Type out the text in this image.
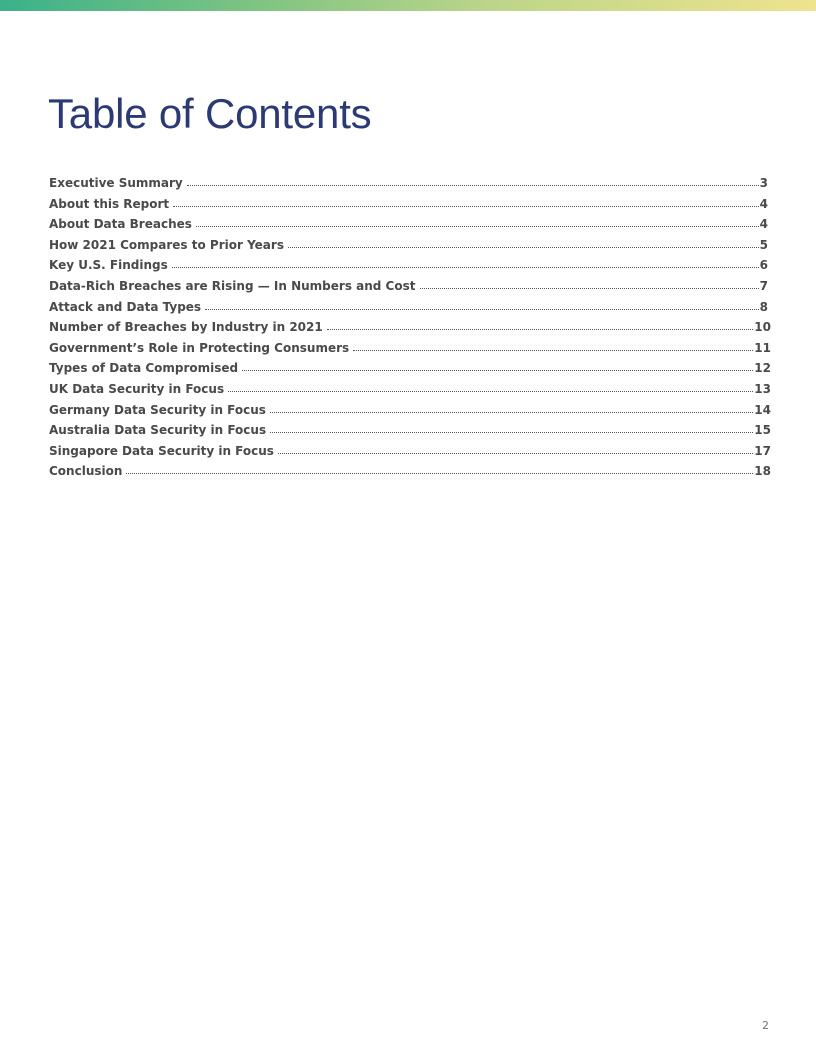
Table of Contents
Executive Summary	3
About this Report	4
About Data Breaches	4
How 2021 Compares to Prior Years	5
Key U.S. Findings	6
Data-Rich Breaches are Rising — In Numbers and Cost	7
Attack and Data Types	8
Number of Breaches by Industry in 2021	10
Government’s Role in Protecting Consumers	11
Types of Data Compromised	12
UK Data Security in Focus	13
Germany Data Security in Focus	14
Australia Data Security in Focus	15
Singapore Data Security in Focus	17
Conclusion	18
2
